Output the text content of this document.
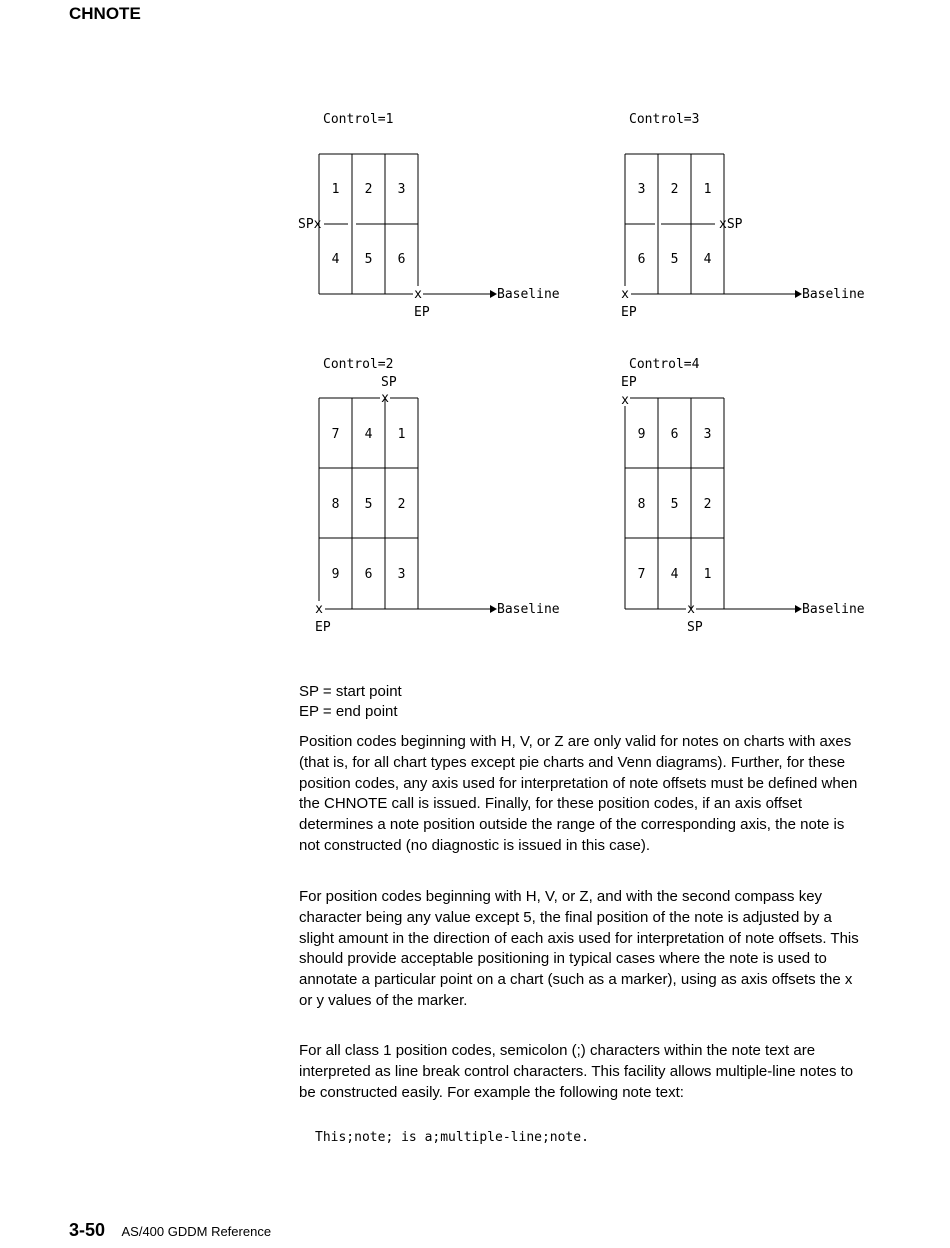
CHNOTE
Control=1
1 2 3
4 5 6
SPx
x
EP
Baseline
Control=3
3 2 1
6 5 4
xSP
x
EP
Baseline
Control=2
SP
x
7 4 1
8 5 2
9 6 3
x
EP
Baseline
Control=4
EP
x
9 6 3
8 5 2
7 4 1
x
SP
Baseline
SP = start point
EP = end point

Position codes beginning with H, V, or Z are only valid for notes on charts with axes (that is, for all chart types except pie charts and Venn diagrams). Further, for these position codes, any axis used for interpretation of note offsets must be defined when the CHNOTE call is issued. Finally, for these position codes, if an axis offset determines a note position outside the range of the corresponding axis, the note is not constructed (no diagnostic is issued in this case).

For position codes beginning with H, V, or Z, and with the second compass key character being any value except 5, the final position of the note is adjusted by a slight amount in the direction of each axis used for interpretation of note offsets. This should provide acceptable positioning in typical cases where the note is used to annotate a particular point on a chart (such as a marker), using as axis offsets the x or y values of the marker.

For all class 1 position codes, semicolon (;) characters within the note text are interpreted as line break control characters. This facility allows multiple-line notes to be constructed easily. For example the following note text:

This;note; is a;multiple-line;note.
3-50 AS/400 GDDM Reference
